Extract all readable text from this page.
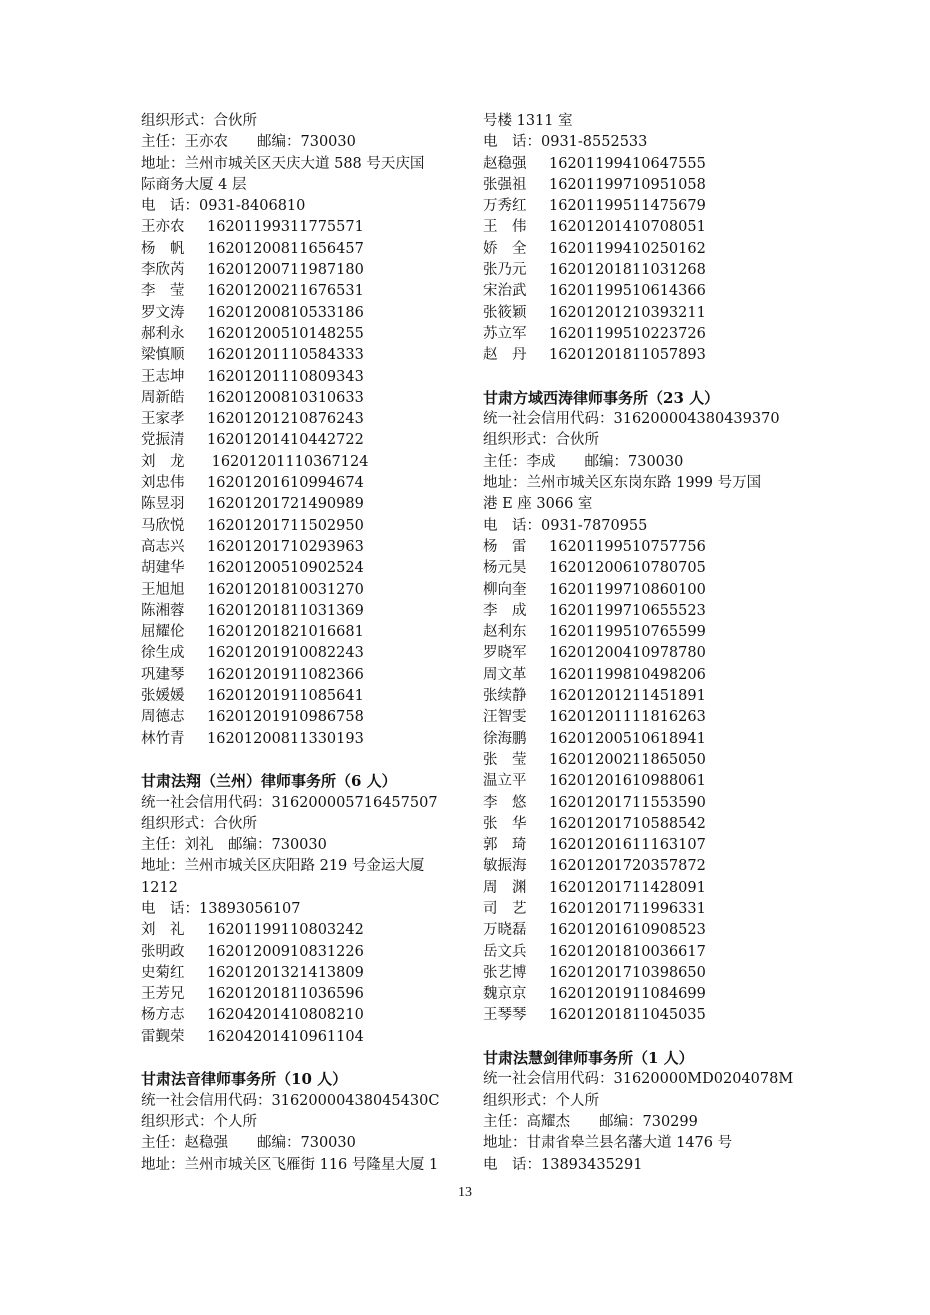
组织形式：合伙所
主任：王亦农　　邮编：730030
地址：兰州市城关区天庆大道 588 号天庆国
际商务大厦 4 层
电　话：0931-8406810
王亦农	16201199311775571
杨　帆	16201200811656457
李欣芮	16201200711987180
李　莹	16201200211676531
罗文涛	16201200810533186
郝利永	16201200510148255
梁慎顺	16201201110584333
王志坤	16201201110809343
周新皓	16201200810310633
王家孝	16201201210876243
党振清	16201201410442722
刘　龙	16201201110367124
刘忠伟	16201201610994674
陈昱羽	16201201721490989
马欣悦	16201201711502950
高志兴	16201201710293963
胡建华	16201200510902524
王旭旭	16201201810031270
陈湘蓉	16201201811031369
屈耀伦	16201201821016681
徐生成	16201201910082243
巩建琴	16201201911082366
张媛媛	16201201911085641
周德志	16201201910986758
林竹青	16201200811330193
甘肃法翔（兰州）律师事务所（6 人）
统一社会信用代码：316200005716457507
组织形式：合伙所
主任：刘礼　邮编：730030
地址：兰州市城关区庆阳路 219 号金运大厦
1212
电　话：13893056107
刘　礼	16201199110803242
张明政	16201200910831226
史菊红	16201201321413809
王芳兄	16201201811036596
杨方志	16204201410808210
雷觐荣	16204201410961104
甘肃法音律师事务所（10 人）
统一社会信用代码：31620000438045430C
组织形式：个人所
主任：赵稳强　　邮编：730030
地址：兰州市城关区飞雁街 116 号隆星大厦 1
号楼 1311 室
电　话：0931-8552533
赵稳强	16201199410647555
张强祖	16201199710951058
万秀红	16201199511475679
王　伟	16201201410708051
娇　全	16201199410250162
张乃元	16201201811031268
宋治武	16201199510614366
张筱颖	16201201210393211
苏立军	16201199510223726
赵　丹	16201201811057893
甘肃方域西涛律师事务所（23 人）
统一社会信用代码：316200004380439370
组织形式：合伙所
主任：李成　　邮编：730030
地址：兰州市城关区东岗东路 1999 号万国
港 E 座 3066 室
电　话：0931-7870955
杨　雷	16201199510757756
杨元昊	16201200610780705
柳向奎	16201199710860100
李　成	16201199710655523
赵利东	16201199510765599
罗晓军	16201200410978780
周文革	16201199810498206
张续静	16201201211451891
汪智雯	16201201111816263
徐海鹏	16201200510618941
张　莹	16201200211865050
温立平	16201201610988061
李　悠	16201201711553590
张　华	16201201710588542
郭　琦	16201201611163107
敏振海	16201201720357872
周　渊	16201201711428091
司　艺	16201201711996331
万晓磊	16201201610908523
岳文兵	16201201810036617
张艺博	16201201710398650
魏京京	16201201911084699
王琴琴	16201201811045035
甘肃法慧剑律师事务所（1 人）
统一社会信用代码：31620000MD0204078M
组织形式：个人所
主任：高耀杰　　邮编：730299
地址：甘肃省皋兰县名藩大道 1476 号
电　话：13893435291
13
